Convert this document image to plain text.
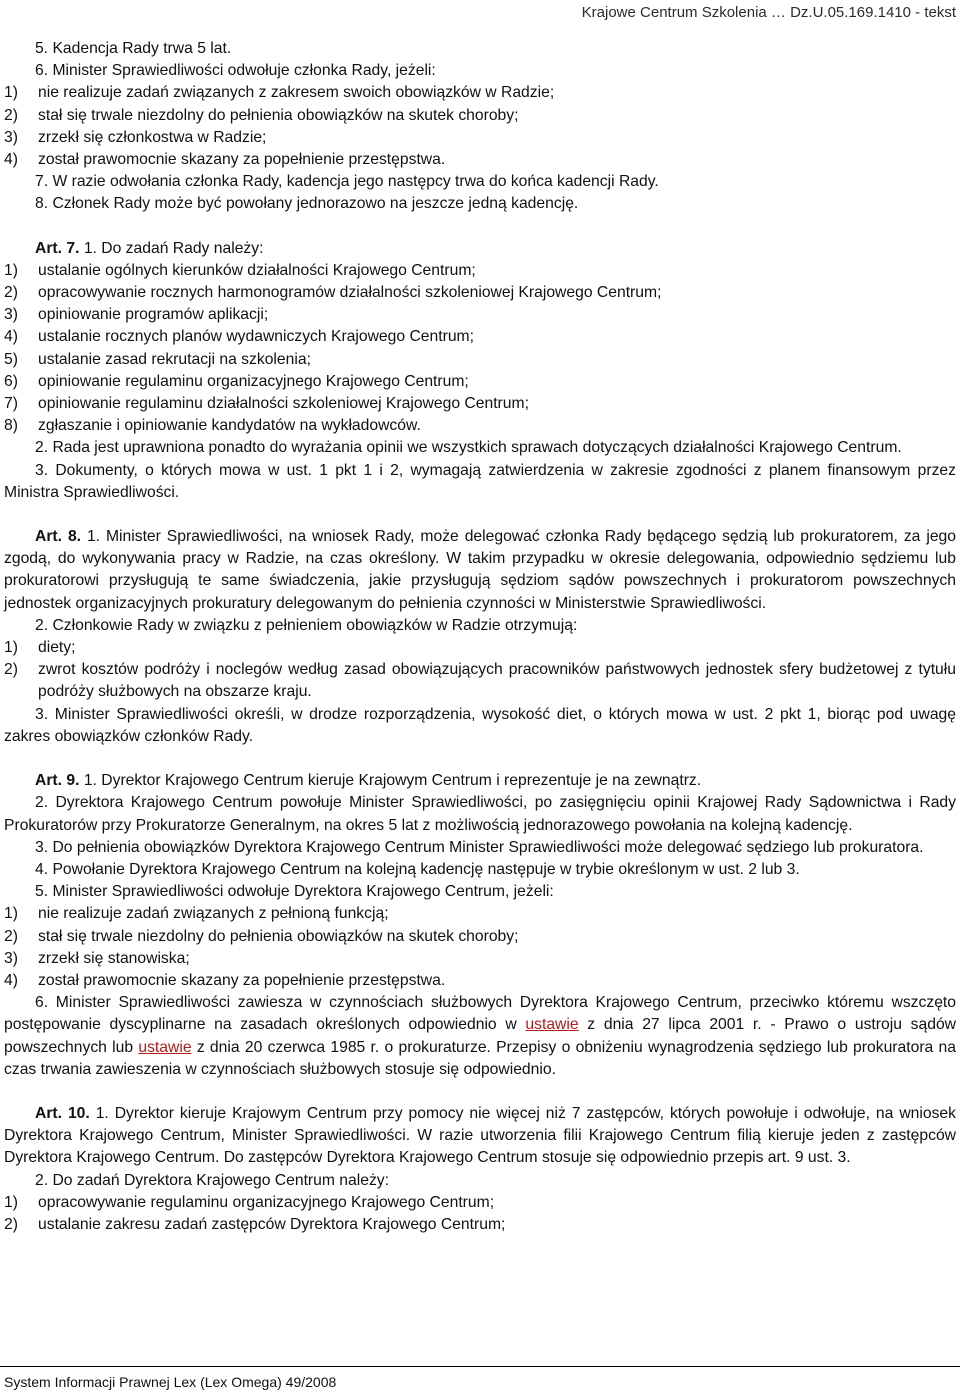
Krajowe Centrum Szkolenia … Dz.U.05.169.1410 - tekst

5. Kadencja Rady trwa 5 lat.

6. Minister Sprawiedliwości odwołuje członka Rady, jeżeli:

1)	nie realizuje zadań związanych z zakresem swoich obowiązków w Radzie;
2)	stał się trwale niezdolny do pełnienia obowiązków na skutek choroby;
3)	zrzekł się członkostwa w Radzie;
4)	został prawomocnie skazany za popełnienie przestępstwa.

7. W razie odwołania członka Rady, kadencja jego następcy trwa do końca kadencji Rady.

8. Członek Rady może być powołany jednorazowo na jeszcze jedną kadencję.

Art. 7. 1. Do zadań Rady należy:

1)	ustalanie ogólnych kierunków działalności Krajowego Centrum;
2)	opracowywanie rocznych harmonogramów działalności szkoleniowej Krajowego Centrum;
3)	opiniowanie programów aplikacji;
4)	ustalanie rocznych planów wydawniczych Krajowego Centrum;
5)	ustalanie zasad rekrutacji na szkolenia;
6)	opiniowanie regulaminu organizacyjnego Krajowego Centrum;
7)	opiniowanie regulaminu działalności szkoleniowej Krajowego Centrum;
8)	zgłaszanie i opiniowanie kandydatów na wykładowców.

2. Rada jest uprawniona ponadto do wyrażania opinii we wszystkich sprawach dotyczących działalności Krajowego Centrum.

3. Dokumenty, o których mowa w ust. 1 pkt 1 i 2, wymagają zatwierdzenia w zakresie zgodności z planem finansowym przez Ministra Sprawiedliwości.

Art. 8. 1. Minister Sprawiedliwości, na wniosek Rady, może delegować członka Rady będącego sędzią lub prokuratorem, za jego zgodą, do wykonywania pracy w Radzie, na czas określony. W takim przypadku w okresie delegowania, odpowiednio sędziemu lub prokuratorowi przysługują te same świadczenia, jakie przysługują sędziom sądów powszechnych i prokuratorom powszechnych jednostek organizacyjnych prokuratury delegowanym do pełnienia czynności w Ministerstwie Sprawiedliwości.

2. Członkowie Rady w związku z pełnieniem obowiązków w Radzie otrzymują:

1)	diety;
2)	zwrot kosztów podróży i noclegów według zasad obowiązujących pracowników państwowych jednostek sfery budżetowej z tytułu podróży służbowych na obszarze kraju.

3. Minister Sprawiedliwości określi, w drodze rozporządzenia, wysokość diet, o których mowa w ust. 2 pkt 1, biorąc pod uwagę zakres obowiązków członków Rady.

Art. 9. 1. Dyrektor Krajowego Centrum kieruje Krajowym Centrum i reprezentuje je na zewnątrz.

2. Dyrektora Krajowego Centrum powołuje Minister Sprawiedliwości, po zasięgnięciu opinii Krajowej Rady Sądownictwa i Rady Prokuratorów przy Prokuratorze Generalnym, na okres 5 lat z możliwością jednorazowego powołania na kolejną kadencję.

3. Do pełnienia obowiązków Dyrektora Krajowego Centrum Minister Sprawiedliwości może delegować sędziego lub prokuratora.

4. Powołanie Dyrektora Krajowego Centrum na kolejną kadencję następuje w trybie określonym w ust. 2 lub 3.

5. Minister Sprawiedliwości odwołuje Dyrektora Krajowego Centrum, jeżeli:

1)	nie realizuje zadań związanych z pełnioną funkcją;
2)	stał się trwale niezdolny do pełnienia obowiązków na skutek choroby;
3)	zrzekł się stanowiska;
4)	został prawomocnie skazany za popełnienie przestępstwa.

6. Minister Sprawiedliwości zawiesza w czynnościach służbowych Dyrektora Krajowego Centrum, przeciwko któremu wszczęto postępowanie dyscyplinarne na zasadach określonych odpowiednio w ustawie z dnia 27 lipca 2001 r. - Prawo o ustroju sądów powszechnych lub ustawie z dnia 20 czerwca 1985 r. o prokuraturze. Przepisy o obniżeniu wynagrodzenia sędziego lub prokuratora na czas trwania zawieszenia w czynnościach służbowych stosuje się odpowiednio.

Art. 10. 1. Dyrektor kieruje Krajowym Centrum przy pomocy nie więcej niż 7 zastępców, których powołuje i odwołuje, na wniosek Dyrektora Krajowego Centrum, Minister Sprawiedliwości. W razie utworzenia filii Krajowego Centrum filią kieruje jeden z zastępców Dyrektora Krajowego Centrum. Do zastępców Dyrektora Krajowego Centrum stosuje się odpowiednio przepis art. 9 ust. 3.

2. Do zadań Dyrektora Krajowego Centrum należy:

1)	opracowywanie regulaminu organizacyjnego Krajowego Centrum;
2)	ustalanie zakresu zadań zastępców Dyrektora Krajowego Centrum;
System Informacji Prawnej Lex (Lex Omega) 49/2008
